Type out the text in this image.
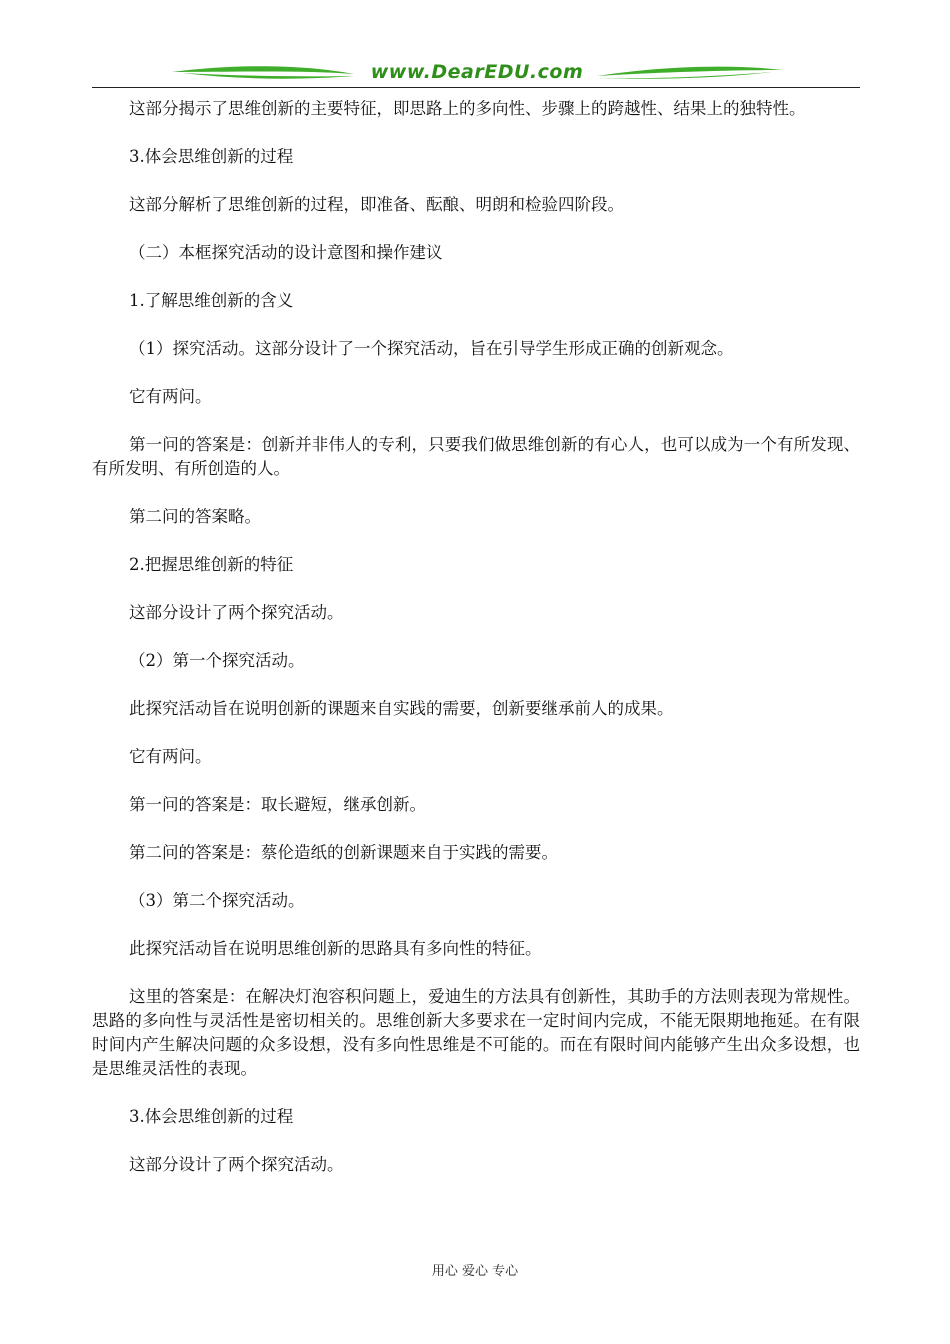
www.DearEDU.com

这部分揭示了思维创新的主要特征，即思路上的多向性、步骤上的跨越性、结果上的独特性。

3.体会思维创新的过程

这部分解析了思维创新的过程，即准备、酝酿、明朗和检验四阶段。

（二）本框探究活动的设计意图和操作建议

1.了解思维创新的含义

（1）探究活动。这部分设计了一个探究活动，旨在引导学生形成正确的创新观念。

它有两问。

第一问的答案是：创新并非伟人的专利，只要我们做思维创新的有心人，也可以成为一个有所发现、有所发明、有所创造的人。

第二问的答案略。

2.把握思维创新的特征

这部分设计了两个探究活动。

（2）第一个探究活动。

此探究活动旨在说明创新的课题来自实践的需要，创新要继承前人的成果。

它有两问。

第一问的答案是：取长避短，继承创新。

第二问的答案是：蔡伦造纸的创新课题来自于实践的需要。

（3）第二个探究活动。

此探究活动旨在说明思维创新的思路具有多向性的特征。

这里的答案是：在解决灯泡容积问题上，爱迪生的方法具有创新性，其助手的方法则表现为常规性。思路的多向性与灵活性是密切相关的。思维创新大多要求在一定时间内完成，不能无限期地拖延。在有限时间内产生解决问题的众多设想，没有多向性思维是不可能的。而在有限时间内能够产生出众多设想，也是思维灵活性的表现。

3.体会思维创新的过程

这部分设计了两个探究活动。

用心 爱心 专心
